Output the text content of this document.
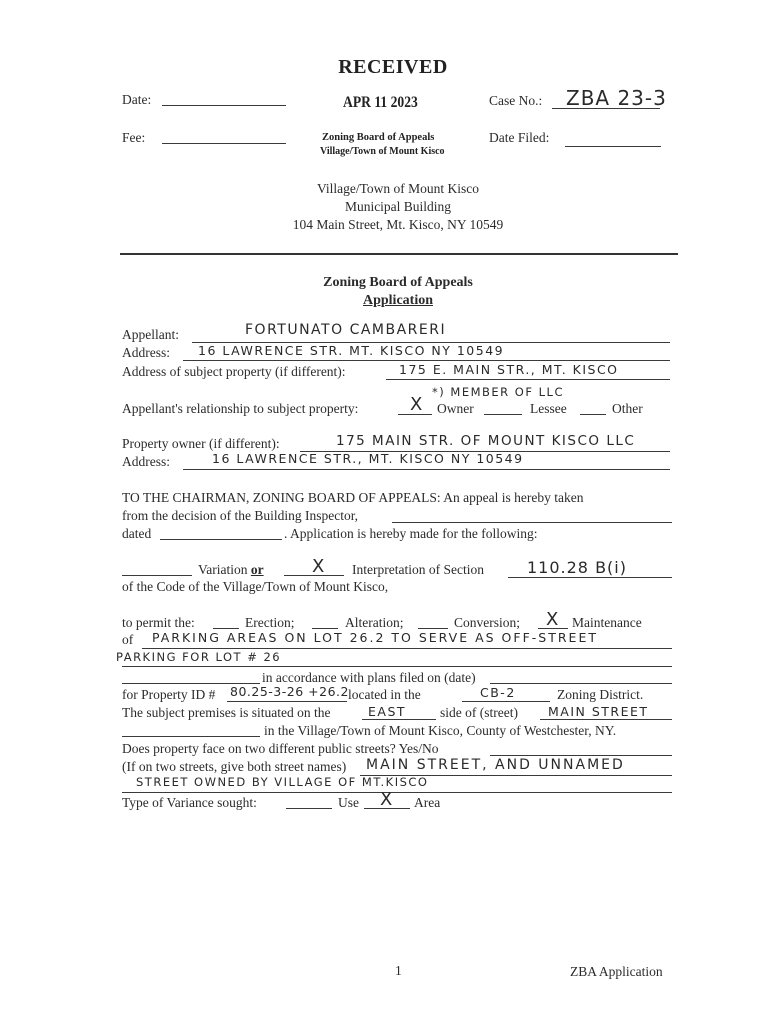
RECEIVED
APR 11 2023
Zoning Board of Appeals
Village/Town of Mount Kisco
Date:
Fee:
Case No.: ZBA 23-3
Date Filed:
Village/Town of Mount Kisco
Municipal Building
104 Main Street, Mt. Kisco, NY 10549
Zoning Board of Appeals
Application
Appellant:	FORTUNATO CAMBARERI
Address: 16 LAWRENCE STR. MT. KISCO NY 10549
Address of subject property (if different):	175 E. MAIN STR., MT. KISCO
*) MEMBER OF LLC
Appellant's relationship to subject property:	X Owner	Lessee	Other
Property owner (if different):	175 MAIN STR. OF MOUNT KISCO LLC
Address:	16 LAWRENCE STR., MT. KISCO NY 10549
TO THE CHAIRMAN, ZONING BOARD OF APPEALS: An appeal is hereby taken
from the decision of the Building Inspector,
dated	. Application is hereby made for the following:
Variation or	X Interpretation of Section	110.28 B(i)
of the Code of the Village/Town of Mount Kisco,
to permit the:	Erection;	Alteration;	Conversion; X Maintenance
of PARKING AREAS ON LOT 26.2 TO SERVE AS OFF-STREET
PARKING FOR LOT # 26
in accordance with plans filed on (date)
for Property ID # 80.25-3-26 +26.2 located in the	CB-2	Zoning District.
The subject premises is situated on the	EAST	side of (street) MAIN STREET
in the Village/Town of Mount Kisco, County of Westchester, NY.
Does property face on two different public streets? Yes/No
(If on two streets, give both street names) MAIN STREET, AND UNNAMED
STREET OWNED BY VILLAGE OF MT.KISCO
Type of Variance sought:	Use X Area
1	ZBA Application
